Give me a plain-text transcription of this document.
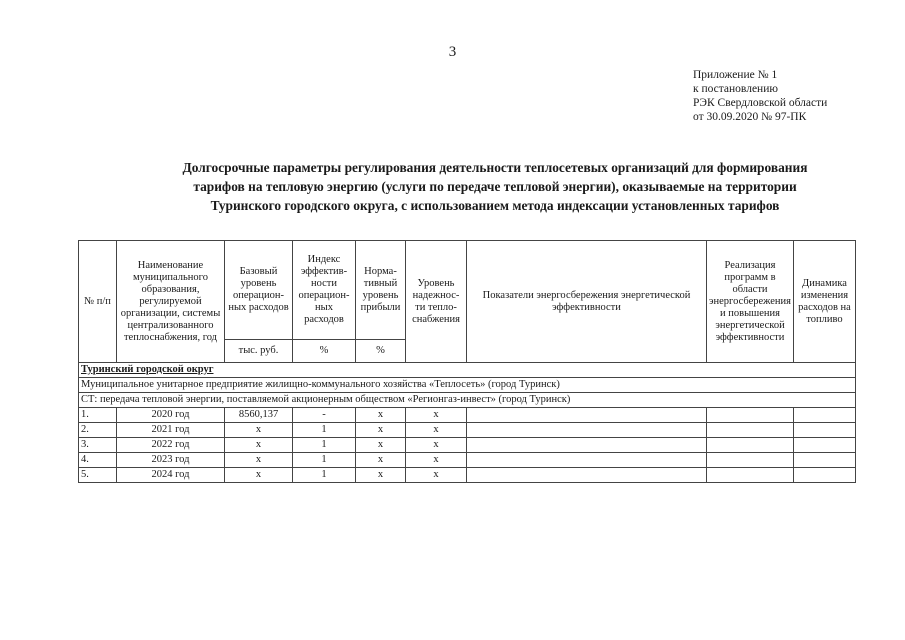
3
Приложение № 1
к постановлению
РЭК Свердловской области
от 30.09.2020 № 97-ПК
Долгосрочные параметры регулирования деятельности теплосетевых организаций для формирования
тарифов на тепловую энергию (услуги по передаче тепловой энергии), оказываемые на территории
Туринского городского округа, с использованием метода индексации установленных тарифов
№ п/п	Наименование муниципального образования, регулируемой организации, системы централизованного теплоснабжения, год	Базовый уровень операцион-ных расходов	Индекс эффектив-ности операцион-ных расходов	Норма-тивный уровень прибыли	Уровень надежнос-ти тепло-снабжения	Показатели энергосбережения энергетической эффективности	Реализация программ в области энергосбережения и повышения энергетической эффективности	Динамика изменения расходов на топливо
		тыс. руб.	%	%				
Туринский городской округ								
Муниципальное унитарное предприятие жилищно-коммунального хозяйства «Теплосеть» (город Туринск)								
СТ: передача тепловой энергии, поставляемой акционерным обществом «Регионгаз-инвест» (город Туринск)								
1.	2020 год	8560,137	-	x	x			
2.	2021 год	x	1	x	x			
3.	2022 год	x	1	x	x			
4.	2023 год	x	1	x	x			
5.	2024 год	x	1	x	x			
